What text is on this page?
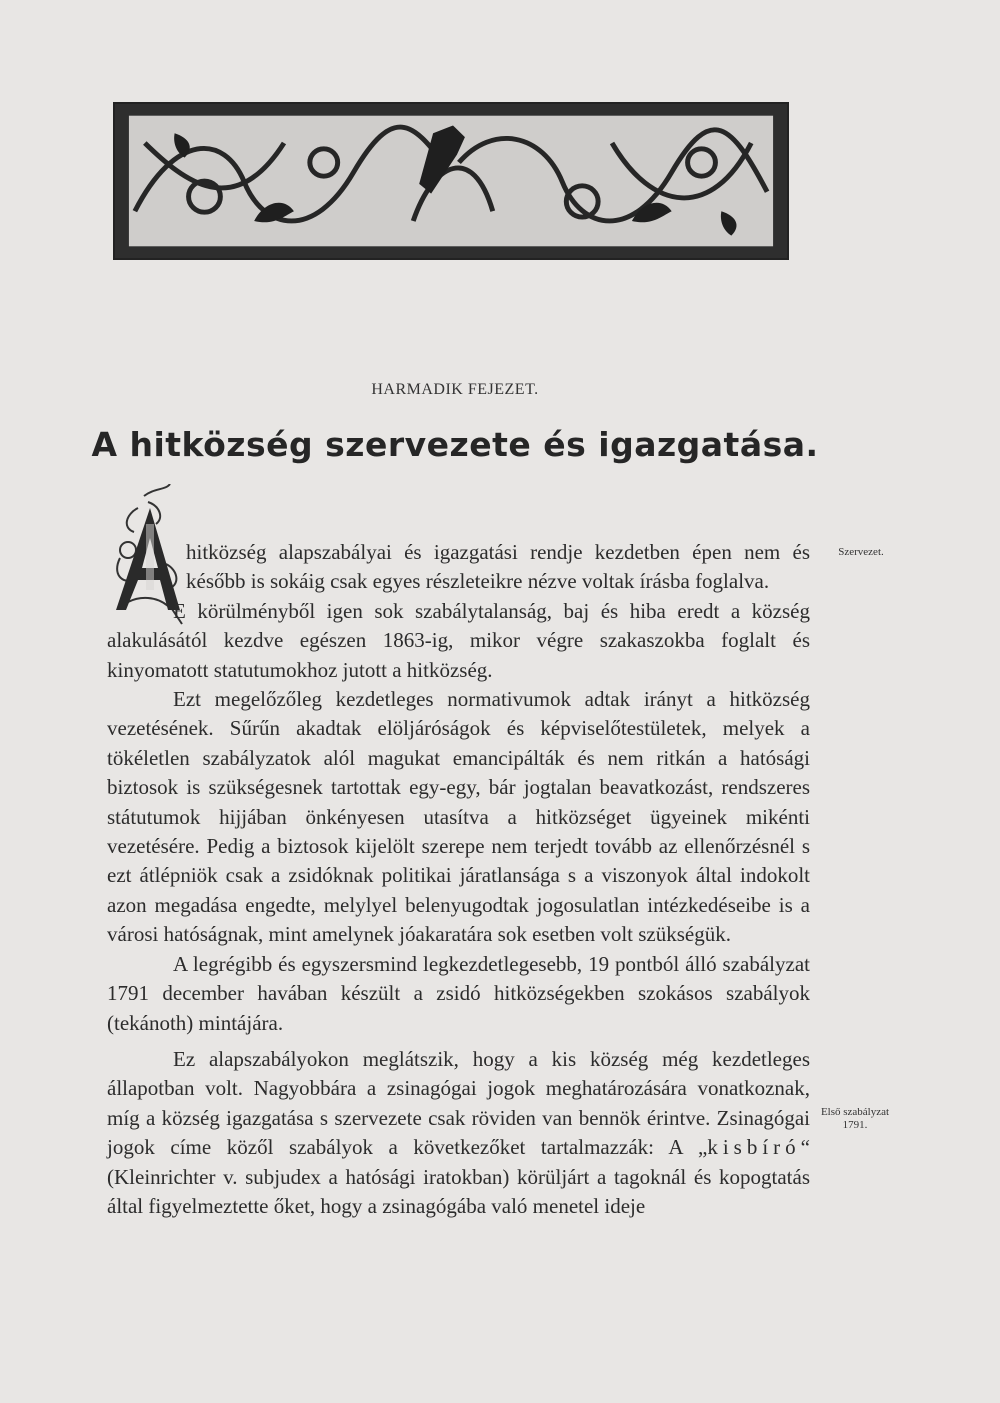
HARMADIK FEJEZET.
A hitközség szervezete és igazgatása.

hitközség alapszabályai és igazgatási rendje kezdetben épen nem és később is sokáig csak egyes részleteikre nézve voltak írásba foglalva.

E körülményből igen sok szabálytalanság, baj és hiba eredt a község alakulásától kezdve egészen 1863-ig, mikor végre szakaszokba foglalt és kinyomatott statutumokhoz jutott a hitközség.

Ezt megelőzőleg kezdetleges normativumok adtak irányt a hitközség vezetésének. Sűrűn akadtak elöljáróságok és képviselőtestületek, melyek a tökéletlen szabályzatok alól magukat emancipálták és nem ritkán a hatósági biztosok is szükségesnek tartottak egy-egy, bár jogtalan beavatkozást, rendszeres státutumok hijjában önkényesen utasítva a hitközséget ügyeinek mikénti vezetésére. Pedig a biztosok kijelölt szerepe nem terjedt tovább az ellenőrzésnél s ezt átlépniök csak a zsidóknak politikai járatlansága s a viszonyok által indokolt azon megadása engedte, melylyel belenyugodtak jogosulatlan intézkedéseibe is a városi hatóságnak, mint amelynek jóakaratára sok esetben volt szükségük.

A legrégibb és egyszersmind legkezdetlegesebb, 19 pontból álló szabályzat 1791 december havában készült a zsidó hitközségekben szokásos szabályok (tekánoth) mintájára.

Ez alapszabályokon meglátszik, hogy a kis község még kezdetleges állapotban volt. Nagyobbára a zsinagógai jogok meghatározására vonatkoznak, míg a község igazgatása s szervezete csak röviden van bennök érintve. Zsinagógai jogok címe közől szabályok a következőket tartalmazzák: A „kisbíró“ (Kleinrichter v. subjudex a hatósági iratokban) körüljárt a tagoknál és kopogtatás által figyelmeztette őket, hogy a zsinagógába való menetel ideje

Szervezet.
Első szabályzat 1791.
